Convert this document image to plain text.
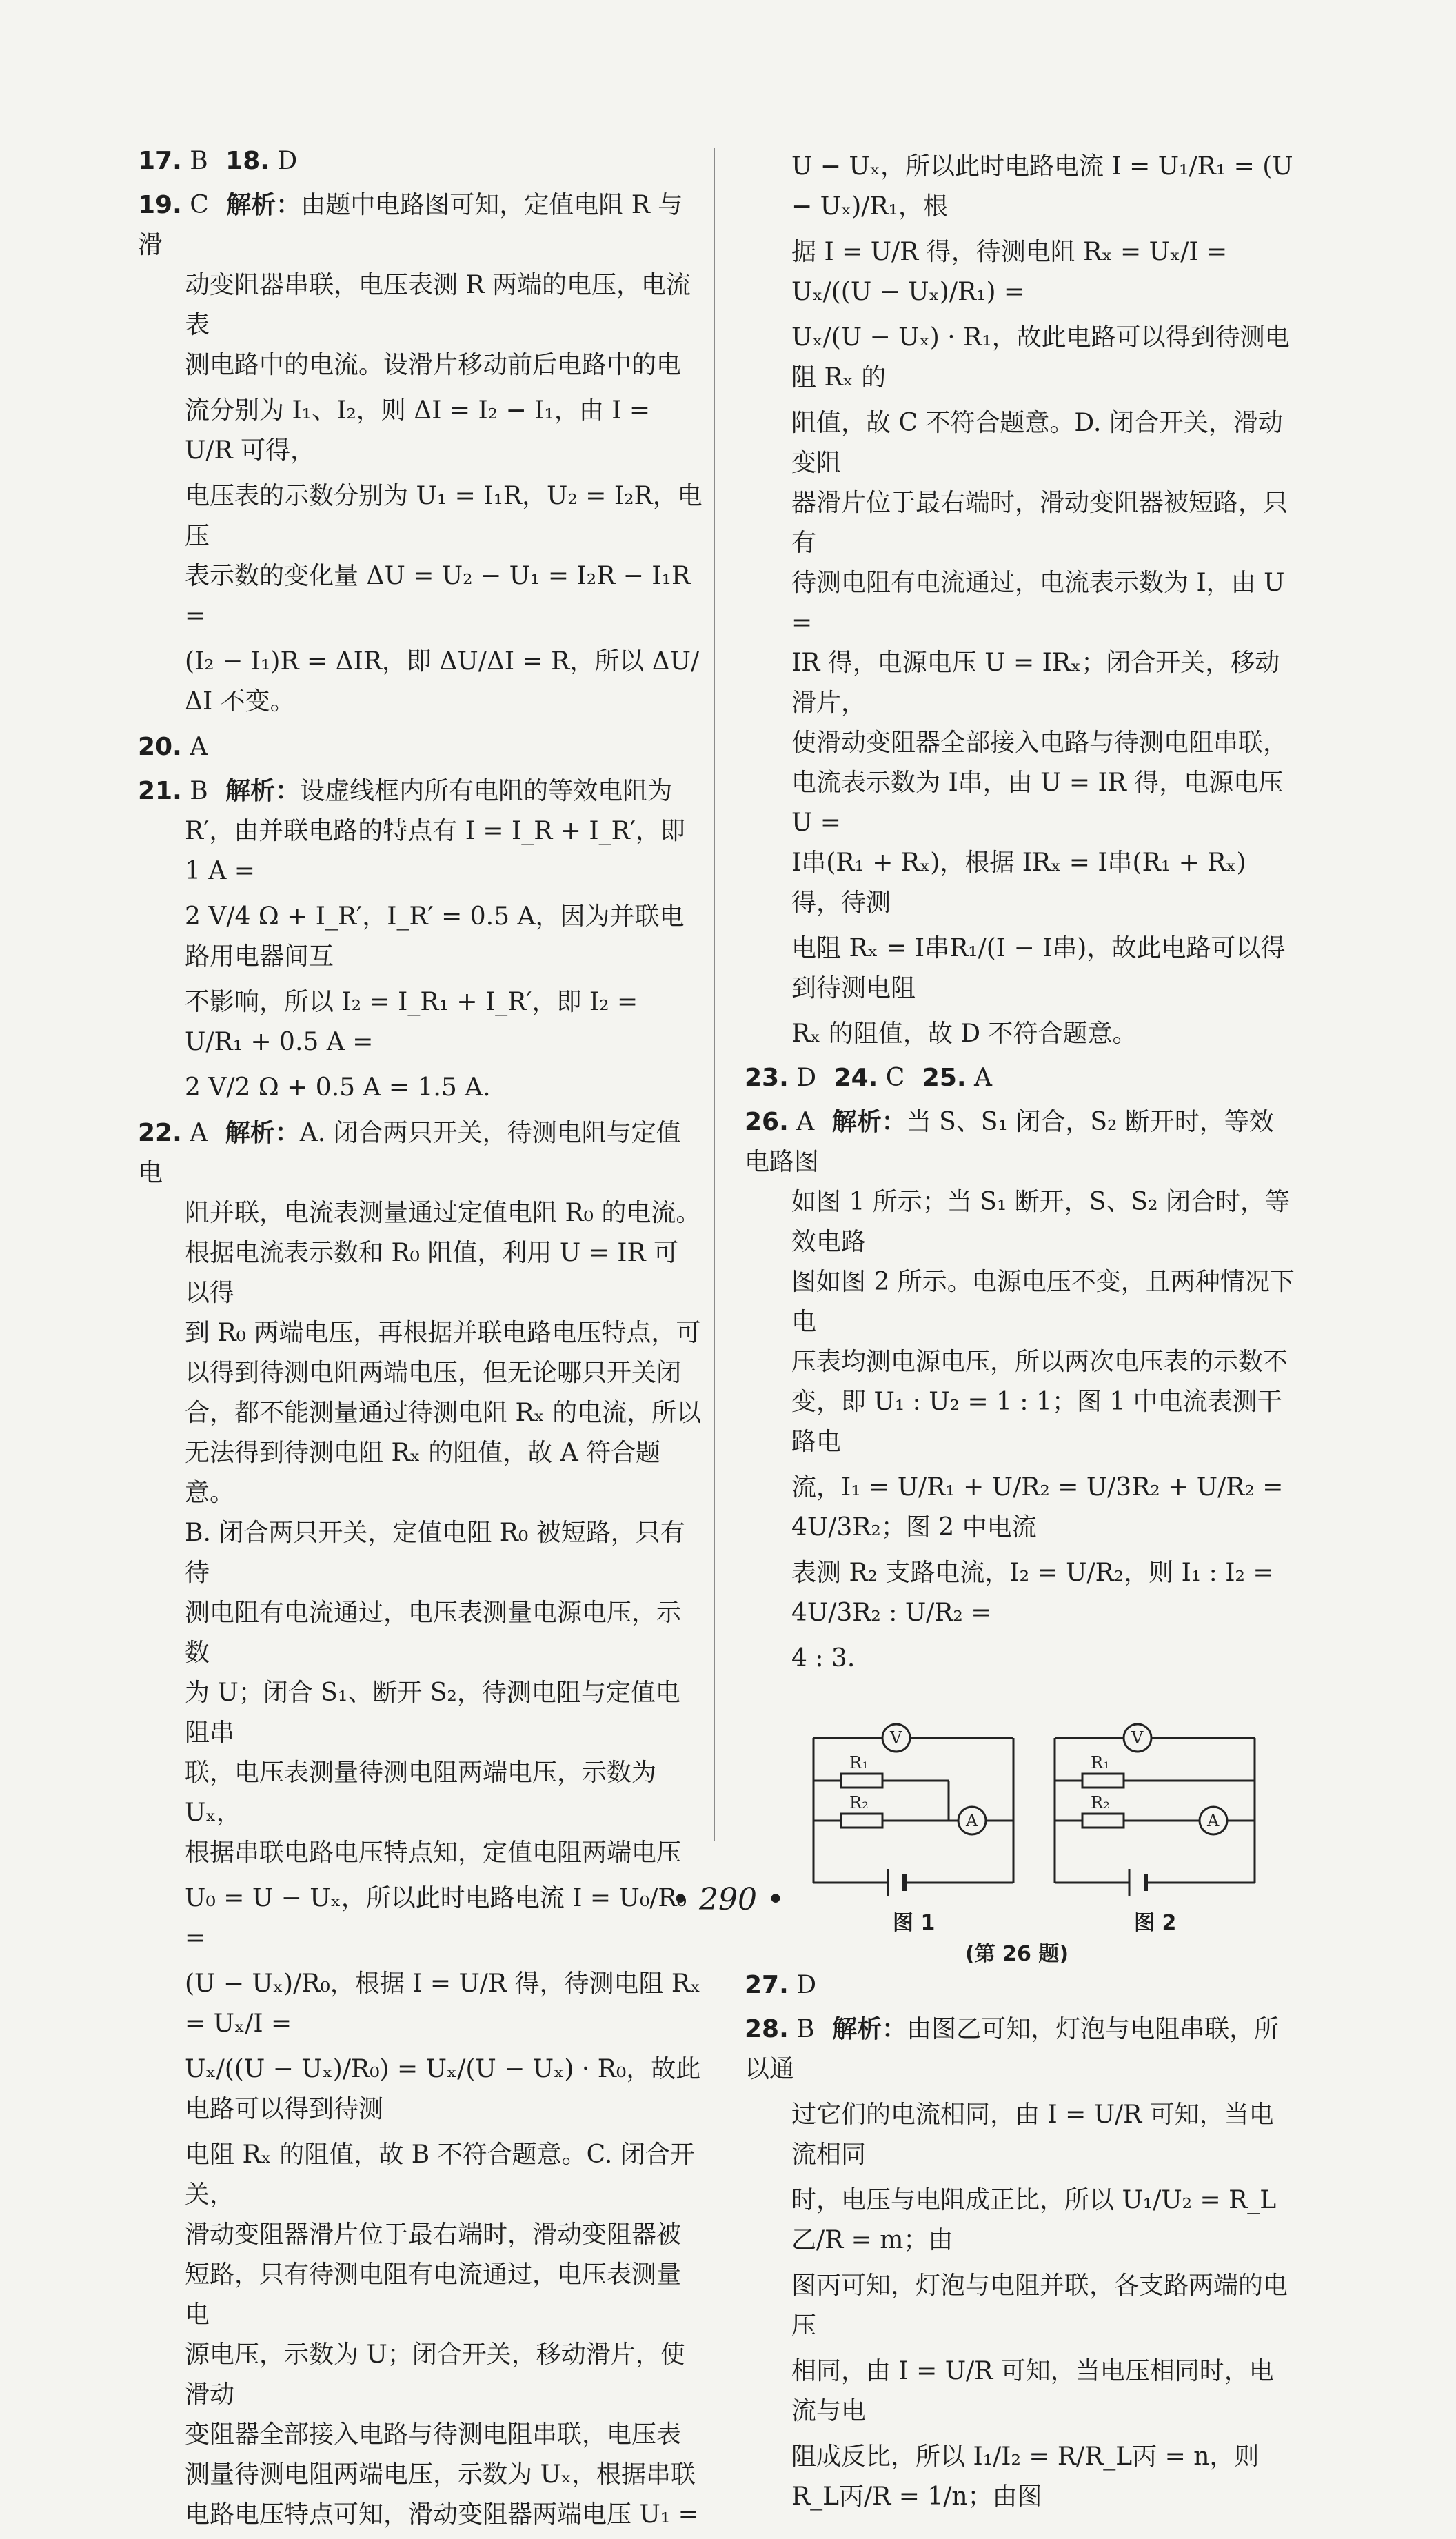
17. B 18. D
19. C 解析：由题中电路图可知，定值电阻 R 与滑
动变阻器串联，电压表测 R 两端的电压，电流表
测电路中的电流。设滑片移动前后电路中的电
流分别为 I₁、I₂，则 ΔI = I₂ − I₁，由 I = U/R 可得，
电压表的示数分别为 U₁ = I₁R，U₂ = I₂R，电压
表示数的变化量 ΔU = U₂ − U₁ = I₂R − I₁R =
(I₂ − I₁)R = ΔIR，即 ΔU/ΔI = R，所以 ΔU/ΔI 不变。
20. A
21. B 解析：设虚线框内所有电阻的等效电阻为
R′，由并联电路的特点有 I = I_R + I_R′，即 1 A =
2 V/4 Ω + I_R′，I_R′ = 0.5 A，因为并联电路用电器间互
不影响，所以 I₂ = I_R₁ + I_R′，即 I₂ = U/R₁ + 0.5 A =
2 V/2 Ω + 0.5 A = 1.5 A.
22. A 解析：A. 闭合两只开关，待测电阻与定值电
阻并联，电流表测量通过定值电阻 R₀ 的电流。
根据电流表示数和 R₀ 阻值，利用 U = IR 可以得
到 R₀ 两端电压，再根据并联电路电压特点，可
以得到待测电阻两端电压，但无论哪只开关闭
合，都不能测量通过待测电阻 Rₓ 的电流，所以
无法得到待测电阻 Rₓ 的阻值，故 A 符合题意。
B. 闭合两只开关，定值电阻 R₀ 被短路，只有待
测电阻有电流通过，电压表测量电源电压，示数
为 U；闭合 S₁、断开 S₂，待测电阻与定值电阻串
联，电压表测量待测电阻两端电压，示数为 Uₓ，
根据串联电路电压特点知，定值电阻两端电压
U₀ = U − Uₓ，所以此时电路电流 I = U₀/R₀ =
(U − Uₓ)/R₀，根据 I = U/R 得，待测电阻 Rₓ = Uₓ/I =
Uₓ/((U − Uₓ)/R₀) = Uₓ/(U − Uₓ) · R₀，故此电路可以得到待测
电阻 Rₓ 的阻值，故 B 不符合题意。C. 闭合开关，
滑动变阻器滑片位于最右端时，滑动变阻器被
短路，只有待测电阻有电流通过，电压表测量电
源电压，示数为 U；闭合开关，移动滑片，使滑动
变阻器全部接入电路与待测电阻串联，电压表
测量待测电阻两端电压，示数为 Uₓ，根据串联
电路电压特点可知，滑动变阻器两端电压 U₁ =
U − Uₓ，所以此时电路电流 I = U₁/R₁ = (U − Uₓ)/R₁，根
据 I = U/R 得，待测电阻 Rₓ = Uₓ/I = Uₓ/((U − Uₓ)/R₁) =
Uₓ/(U − Uₓ) · R₁，故此电路可以得到待测电阻 Rₓ 的
阻值，故 C 不符合题意。D. 闭合开关，滑动变阻
器滑片位于最右端时，滑动变阻器被短路，只有
待测电阻有电流通过，电流表示数为 I，由 U =
IR 得，电源电压 U = IRₓ；闭合开关，移动滑片，
使滑动变阻器全部接入电路与待测电阻串联，
电流表示数为 I串，由 U = IR 得，电源电压 U =
I串(R₁ + Rₓ)，根据 IRₓ = I串(R₁ + Rₓ) 得，待测
电阻 Rₓ = I串R₁/(I − I串)，故此电路可以得到待测电阻
Rₓ 的阻值，故 D 不符合题意。
23. D 24. C 25. A
26. A 解析：当 S、S₁ 闭合，S₂ 断开时，等效电路图
如图 1 所示；当 S₁ 断开，S、S₂ 闭合时，等效电路
图如图 2 所示。电源电压不变，且两种情况下电
压表均测电源电压，所以两次电压表的示数不
变，即 U₁ : U₂ = 1 : 1；图 1 中电流表测干路电
流，I₁ = U/R₁ + U/R₂ = U/3R₂ + U/R₂ = 4U/3R₂；图 2 中电流
表测 R₂ 支路电流，I₂ = U/R₂，则 I₁ : I₂ = 4U/3R₂ : U/R₂ =
4 : 3.
V
A
R₁
R₂
V
A
R₁
R₂
图 1	图 2
(第 26 题)
27. D
28. B 解析：由图乙可知，灯泡与电阻串联，所以通
过它们的电流相同，由 I = U/R 可知，当电流相同
时，电压与电阻成正比，所以 U₁/U₂ = R_L乙/R = m；由
图丙可知，灯泡与电阻并联，各支路两端的电压
相同，由 I = U/R 可知，当电压相同时，电流与电
阻成反比，所以 I₁/I₂ = R/R_L丙 = n，则 R_L丙/R = 1/n；由图
• 290 •
